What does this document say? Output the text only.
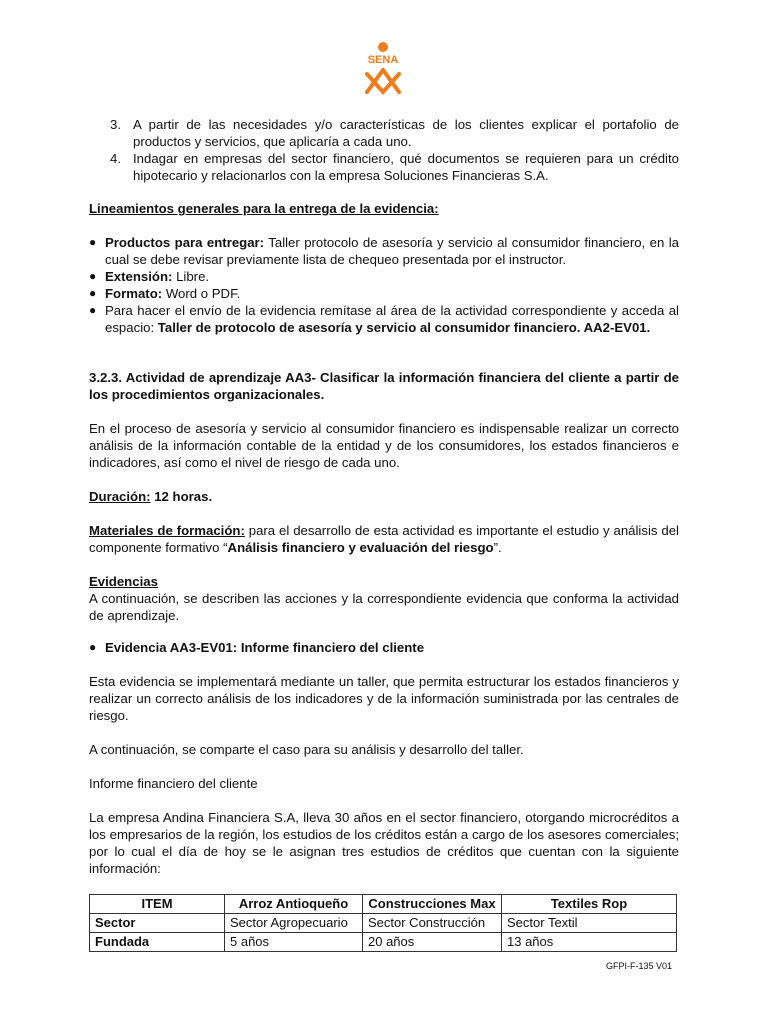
SENA
3. A partir de las necesidades y/o características de los clientes explicar el portafolio de productos y servicios, que aplicaría a cada uno.
4. Indagar en empresas del sector financiero, qué documentos se requieren para un crédito hipotecario y relacionarlos con la empresa Soluciones Financieras S.A.

Lineamientos generales para la entrega de la evidencia:

● Productos para entregar: Taller protocolo de asesoría y servicio al consumidor financiero, en la cual se debe revisar previamente lista de chequeo presentada por el instructor.
● Extensión: Libre.
● Formato: Word o PDF.
● Para hacer el envío de la evidencia remítase al área de la actividad correspondiente y acceda al espacio: Taller de protocolo de asesoría y servicio al consumidor financiero. AA2-EV01.

3.2.3. Actividad de aprendizaje AA3- Clasificar la información financiera del cliente a partir de los procedimientos organizacionales.

En el proceso de asesoría y servicio al consumidor financiero es indispensable realizar un correcto análisis de la información contable de la entidad y de los consumidores, los estados financieros e indicadores, así como el nivel de riesgo de cada uno.

Duración: 12 horas.

Materiales de formación: para el desarrollo de esta actividad es importante el estudio y análisis del componente formativo “Análisis financiero y evaluación del riesgo”.

Evidencias

A continuación, se describen las acciones y la correspondiente evidencia que conforma la actividad de aprendizaje.

● Evidencia AA3-EV01: Informe financiero del cliente

Esta evidencia se implementará mediante un taller, que permita estructurar los estados financieros y realizar un correcto análisis de los indicadores y de la información suministrada por las centrales de riesgo.

A continuación, se comparte el caso para su análisis y desarrollo del taller.

Informe financiero del cliente

La empresa Andina Financiera S.A, lleva 30 años en el sector financiero, otorgando microcréditos a los empresarios de la región, los estudios de los créditos están a cargo de los asesores comerciales; por lo cual el día de hoy se le asignan tres estudios de créditos que cuentan con la siguiente información:

ITEM	Arroz Antioqueño	Construcciones Max	Textiles Rop
Sector	Sector Agropecuario	Sector Construcción	Sector Textil
Fundada	5 años	20 años	13 años
GFPI-F-135 V01
